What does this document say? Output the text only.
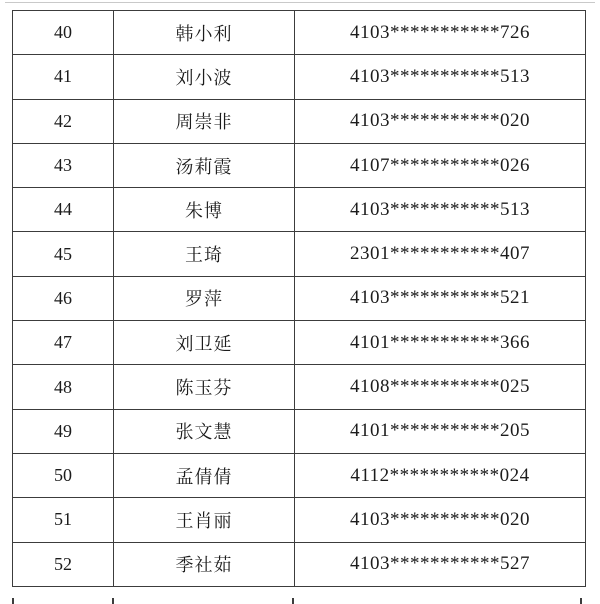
40	韩小利	4103***********726
41	刘小波	4103***********513
42	周崇非	4103***********020
43	汤莉霞	4107***********026
44	朱博	4103***********513
45	王琦	2301***********407
46	罗萍	4103***********521
47	刘卫延	4101***********366
48	陈玉芬	4108***********025
49	张文慧	4101***********205
50	孟倩倩	4112***********024
51	王肖丽	4103***********020
52	季社茹	4103***********527
